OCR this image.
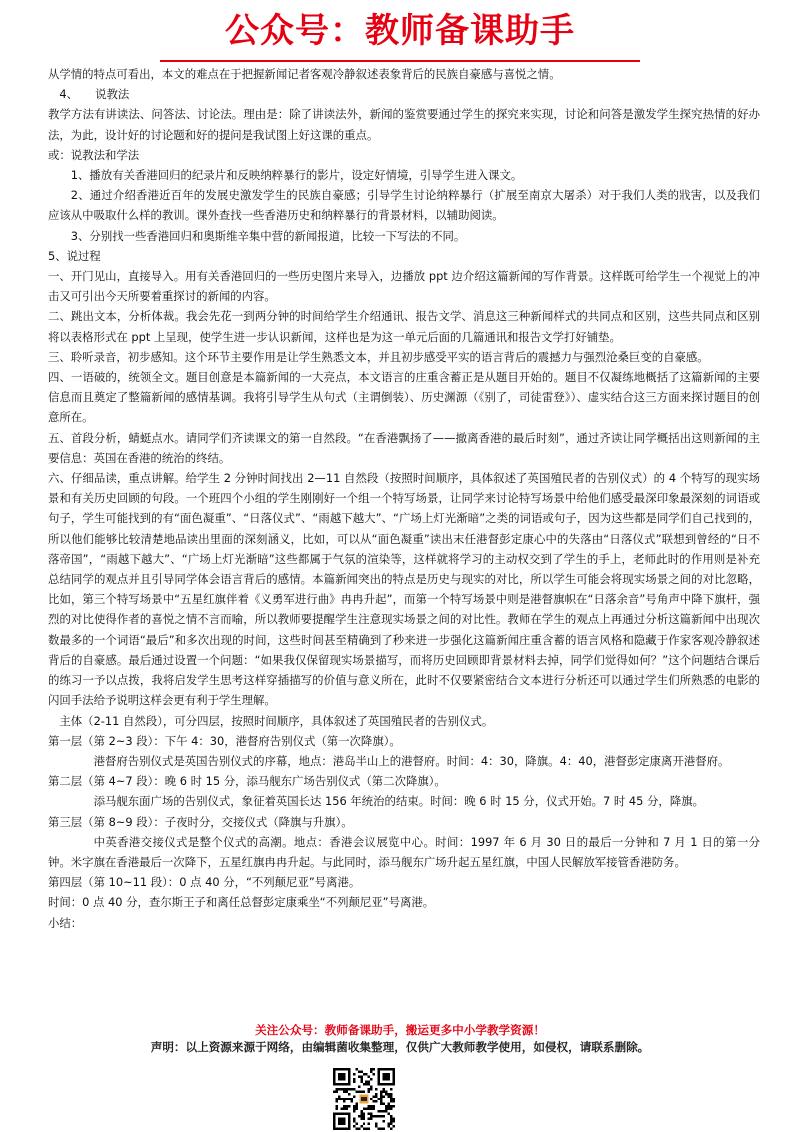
公众号：教师备课助手

从学情的特点可看出，本文的难点在于把握新闻记者客观冷静叙述表象背后的民族自豪感与喜悦之情。

4、　　说教法

教学方法有讲读法、问答法、讨论法。理由是：除了讲读法外，新闻的鉴赏要通过学生的探究来实现，讨论和问答是激发学生探究热情的好办法，为此，设计好的讨论题和好的提问是我试图上好这课的重点。

或：说教法和学法

1、播放有关香港回归的纪录片和反映纳粹暴行的影片，设定好情境，引导学生进入课文。

2、通过介绍香港近百年的发展史激发学生的民族自豪感；引导学生讨论纳粹暴行（扩展至南京大屠杀）对于我们人类的戕害，以及我们应该从中吸取什么样的教训。课外查找一些香港历史和纳粹暴行的背景材料，以辅助阅读。

3、分别找一些香港回归和奥斯维辛集中营的新闻报道，比较一下写法的不同。

5、说过程

一、开门见山，直接导入。用有关香港回归的一些历史图片来导入，边播放 ppt 边介绍这篇新闻的写作背景。这样既可给学生一个视觉上的冲击又可引出今天所要着重探讨的新闻的内容。

二、跳出文本，分析体裁。我会先花一到两分钟的时间给学生介绍通讯、报告文学、消息这三种新闻样式的共同点和区别，这些共同点和区别将以表格形式在 ppt 上呈现，使学生进一步认识新闻，这样也是为这一单元后面的几篇通讯和报告文学打好铺垫。

三、聆听录音，初步感知。这个环节主要作用是让学生熟悉文本，并且初步感受平实的语言背后的震撼力与强烈沧桑巨变的自豪感。

四、一语破的，统领全文。题目创意是本篇新闻的一大亮点，本文语言的庄重含蓄正是从题目开始的。题目不仅凝练地概括了这篇新闻的主要信息而且奠定了整篇新闻的感情基调。我将引导学生从句式（主谓倒装）、历史渊源（《别了，司徒雷登》）、虚实结合这三方面来探讨题目的创意所在。

五、首段分析，蜻蜓点水。请同学们齐读课文的第一自然段。“在香港飘扬了——撤离香港的最后时刻”，通过齐读让同学概括出这则新闻的主要信息：英国在香港的统治的终结。

六、仔细品读，重点讲解。给学生 2 分钟时间找出 2—11 自然段（按照时间顺序，具体叙述了英国殖民者的告别仪式）的 4 个特写的现实场景和有关历史回顾的句段。一个班四个小组的学生刚刚好一个组一个特写场景，让同学来讨论特写场景中给他们感受最深印象最深刻的词语或句子，学生可能找到的有“面色凝重”、“日落仪式”、“雨越下越大”、“广场上灯光渐暗”之类的词语或句子，因为这些都是同学们自己找到的，所以他们能够比较清楚地品读出里面的深刻涵义，比如，可以从“面色凝重”读出末任港督彭定康心中的失落由“日落仪式”联想到曾经的“日不落帝国”，“雨越下越大”、“广场上灯光渐暗”这些都属于气氛的渲染等，这样就将学习的主动权交到了学生的手上，老师此时的作用则是补充总结同学的观点并且引导同学体会语言背后的感情。本篇新闻突出的特点是历史与现实的对比，所以学生可能会将现实场景之间的对比忽略，比如，第三个特写场景中“五星红旗伴着《义勇军进行曲》冉冉升起”，而第一个特写场景中则是港督旗帜在“日落余音”号角声中降下旗杆，强烈的对比使得作者的喜悦之情不言而喻，所以教师要提醒学生注意现实场景之间的对比性。教师在学生的观点上再通过分析这篇新闻中出现次数最多的一个词语“最后”和多次出现的时间，这些时间甚至精确到了秒来进一步强化这篇新闻庄重含蓄的语言风格和隐藏于作家客观冷静叙述背后的自豪感。最后通过设置一个问题：“如果我仅保留现实场景描写，而将历史回顾即背景材料去掉，同学们觉得如何？”这个问题结合课后的练习一予以点拨，我将启发学生思考这样穿插描写的价值与意义所在，此时不仅要紧密结合文本进行分析还可以通过学生们所熟悉的电影的闪回手法给予说明这样会更有利于学生理解。

主体（2-11 自然段），可分四层，按照时间顺序，具体叙述了英国殖民者的告别仪式。

第一层（第 2~3 段）：下午 4：30，港督府告别仪式（第一次降旗）。

港督府告别仪式是英国告别仪式的序幕，地点：港岛半山上的港督府。时间：4：30，降旗。4：40，港督彭定康离开港督府。

第二层（第 4~7 段）：晚 6 时 15 分，添马舰东广场告别仪式（第二次降旗）。

添马舰东面广场的告别仪式，象征着英国长达 156 年统治的结束。时间：晚 6 时 15 分，仪式开始。7 时 45 分，降旗。

第三层（第 8~9 段）：子夜时分，交接仪式（降旗与升旗）。

中英香港交接仪式是整个仪式的高潮。地点：香港会议展览中心。时间：1997 年 6 月 30 日的最后一分钟和 7 月 1 日的第一分钟。米字旗在香港最后一次降下，五星红旗冉冉升起。与此同时，添马舰东广场升起五星红旗，中国人民解放军接管香港防务。

第四层（第 10~11 段）：0 点 40 分，“不列颠尼亚”号离港。

时间：0 点 40 分，查尔斯王子和离任总督彭定康乘坐“不列颠尼亚”号离港。

小结：

关注公众号：教师备课助手，搬运更多中小学教学资源！
声明：以上资源来源于网络，由编辑菌收集整理，仅供广大教师教学使用，如侵权，请联系删除。
